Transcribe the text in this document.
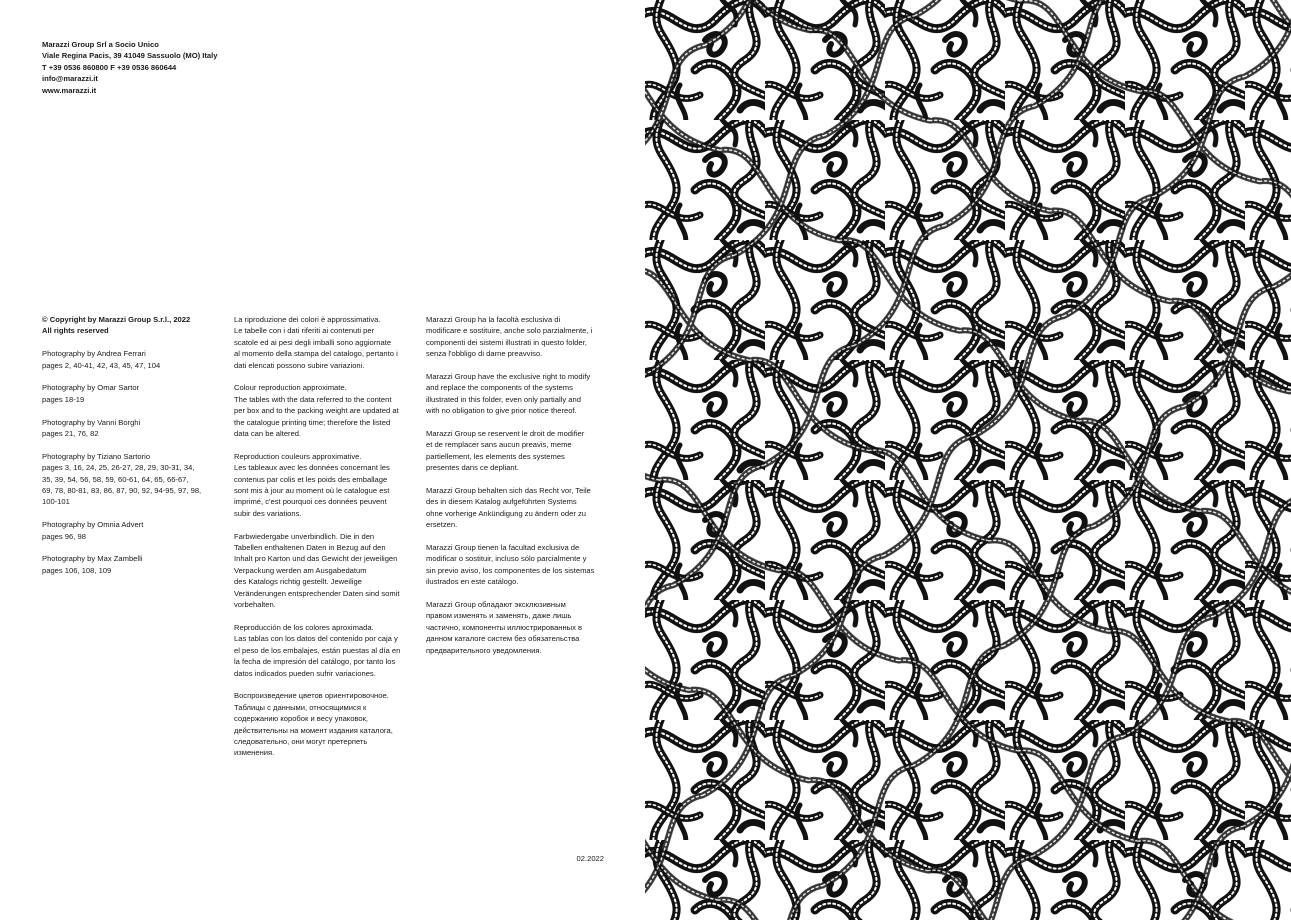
Marazzi Group Srl a Socio Unico
Viale Regina Pacis, 39 41049 Sassuolo (MO) Italy
T +39 0536 860800 F +39 0536 860644
info@marazzi.it
www.marazzi.it

© Copyright by Marazzi Group S.r.l., 2022
All rights reserved

Photography by Andrea Ferrari
pages 2, 40-41, 42, 43, 45, 47, 104

Photography by Omar Sartor
pages 18-19

Photography by Vanni Borghi
pages 21, 76, 82

Photography by Tiziano Sartorio
pages 3, 16, 24, 25, 26-27, 28, 29, 30-31, 34,
35, 39, 54, 56, 58, 59, 60-61, 64, 65, 66-67,
69, 78, 80-81, 83, 86, 87, 90, 92, 94-95, 97, 98,
100-101

Photography by Omnia Advert
pages 96, 98

Photography by Max Zambelli
pages 106, 108, 109

La riproduzione dei colori è approssimativa.
Le tabelle con i dati riferiti ai contenuti per
scatole ed ai pesi degli imballi sono aggiornate
al momento della stampa del catalogo, pertanto i
dati elencati possono subire variazioni.

Colour reproduction approximate.
The tables with the data referred to the content
per box and to the packing weight are updated at
the catalogue printing time; therefore the listed
data can be altered.

Reproduction couleurs approximative.
Les tableaux avec les données concernant les
contenus par colis et les poids des emballage
sont mis à jour au moment où le catalogue est
imprimé, c'est pourquoi ces données peuvent
subir des variations.

Farbwiedergabe unverbindlich. Die in den
Tabellen enthaltenen Daten in Bezug auf den
Inhalt pro Karton und das Gewicht der jeweiligen
Verpackung werden am Ausgabedatum
des Katalogs richtig gestellt. Jeweilige
Veränderungen entsprechender Daten sind somit
vorbehalten.

Reproducción de los colores aproximada.
Las tablas con los datos del contenido por caja y
el peso de los embalajes, están puestas al día en
la fecha de impresión del catálogo, por tanto los
datos indicados pueden sufrir variaciones.

Воспроизведение цветов ориентировочное.
Таблицы с данными, относящимися к
содержанию коробок и весу упаковок,
действительны на момент издания каталога,
следовательно, они могут претерпеть
изменения.

Marazzi Group ha la facoltà esclusiva di
modificare e sostituire, anche solo parzialmente, i
componenti dei sistemi illustrati in questo folder,
senza l'obbligo di darne preavviso.

Marazzi Group have the exclusive right to modify
and replace the components of the systems
illustrated in this folder, even only partially and
with no obligation to give prior notice thereof.

Marazzi Group se reservent le droit de modifier
et de remplacer sans aucun preavis, meme
partiellement, les elements des systemes
presentes dans ce depliant.

Marazzi Group behalten sich das Recht vor, Teile
des in diesem Katalog aufgeführten Systems
ohne vorherige Ankündigung zu ändern oder zu
ersetzen.

Marazzi Group tienen la facultad exclusiva de
modificar o sostituir, incluso sólo parcialmente y
sin previo aviso, los componentes de los sistemas
ilustrados en este catálogo.

Marazzi Group обладают эксклюзивным
правом изменять и заменять, даже лишь
частично, компоненты иллюстрированных в
данном каталоге систем без обязательства
предварительного уведомления.

02.2022
